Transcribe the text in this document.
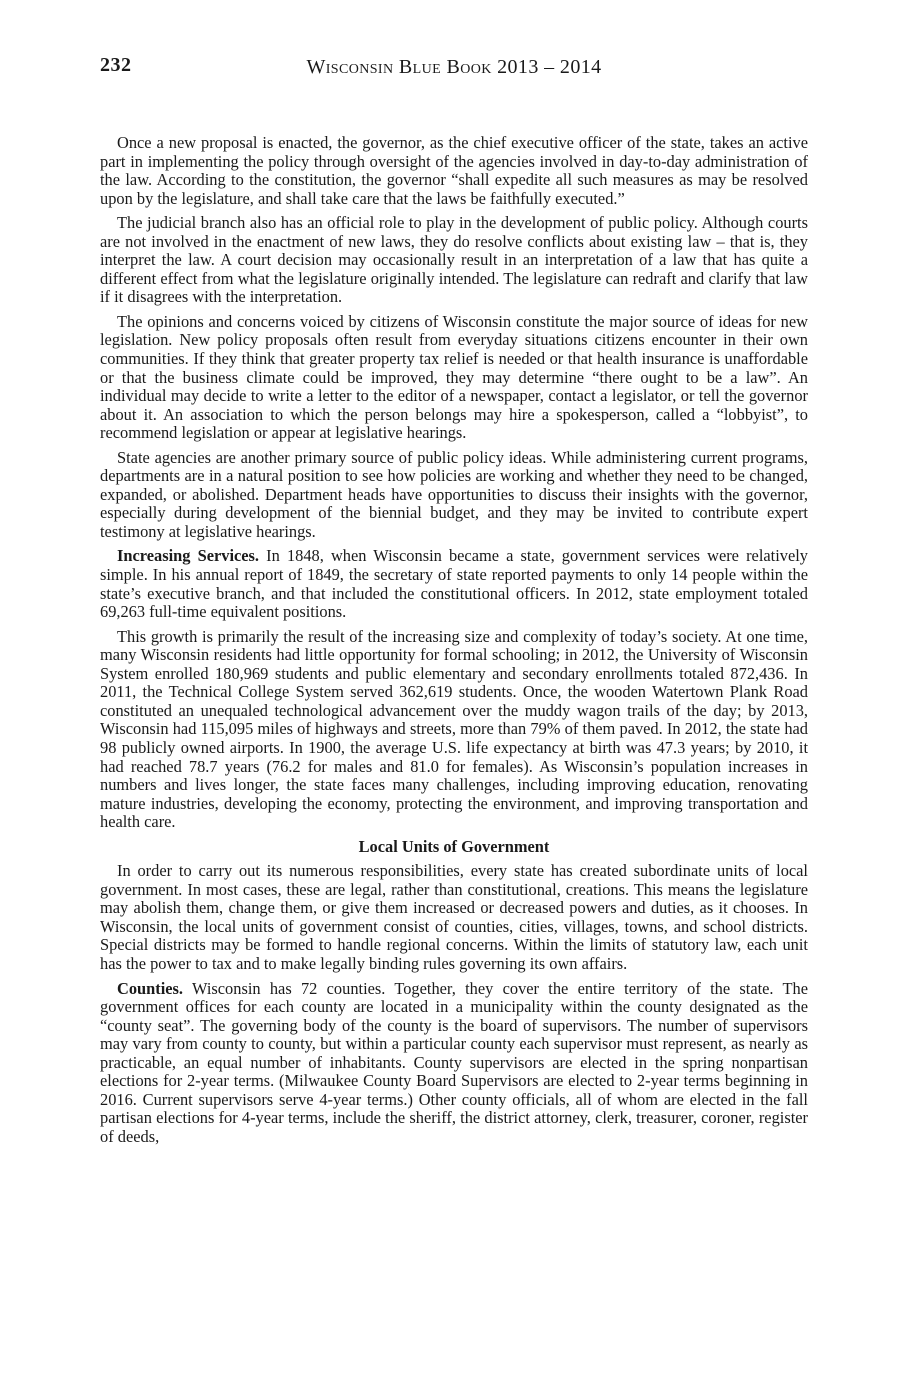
232	Wisconsin Blue Book 2013 – 2014

Once a new proposal is enacted, the governor, as the chief executive officer of the state, takes an active part in implementing the policy through oversight of the agencies involved in day-to-day administration of the law. According to the constitution, the governor “shall expedite all such measures as may be resolved upon by the legislature, and shall take care that the laws be faithfully executed.”

The judicial branch also has an official role to play in the development of public policy. Although courts are not involved in the enactment of new laws, they do resolve conflicts about existing law – that is, they interpret the law. A court decision may occasionally result in an interpretation of a law that has quite a different effect from what the legislature originally intended. The legislature can redraft and clarify that law if it disagrees with the interpretation.

The opinions and concerns voiced by citizens of Wisconsin constitute the major source of ideas for new legislation. New policy proposals often result from everyday situations citizens encounter in their own communities. If they think that greater property tax relief is needed or that health insurance is unaffordable or that the business climate could be improved, they may determine “there ought to be a law”. An individual may decide to write a letter to the editor of a newspaper, contact a legislator, or tell the governor about it. An association to which the person belongs may hire a spokesperson, called a “lobbyist”, to recommend legislation or appear at legislative hearings.

State agencies are another primary source of public policy ideas. While administering current programs, departments are in a natural position to see how policies are working and whether they need to be changed, expanded, or abolished. Department heads have opportunities to discuss their insights with the governor, especially during development of the biennial budget, and they may be invited to contribute expert testimony at legislative hearings.

Increasing Services. In 1848, when Wisconsin became a state, government services were relatively simple. In his annual report of 1849, the secretary of state reported payments to only 14 people within the state’s executive branch, and that included the constitutional officers. In 2012, state employment totaled 69,263 full-time equivalent positions.

This growth is primarily the result of the increasing size and complexity of today’s society. At one time, many Wisconsin residents had little opportunity for formal schooling; in 2012, the University of Wisconsin System enrolled 180,969 students and public elementary and secondary enrollments totaled 872,436. In 2011, the Technical College System served 362,619 students. Once, the wooden Watertown Plank Road constituted an unequaled technological advancement over the muddy wagon trails of the day; by 2013, Wisconsin had 115,095 miles of highways and streets, more than 79% of them paved. In 2012, the state had 98 publicly owned airports. In 1900, the average U.S. life expectancy at birth was 47.3 years; by 2010, it had reached 78.7 years (76.2 for males and 81.0 for females). As Wisconsin’s population increases in numbers and lives longer, the state faces many challenges, including improving education, renovating mature industries, developing the economy, protecting the environment, and improving transportation and health care.

Local Units of Government

In order to carry out its numerous responsibilities, every state has created subordinate units of local government. In most cases, these are legal, rather than constitutional, creations. This means the legislature may abolish them, change them, or give them increased or decreased powers and duties, as it chooses. In Wisconsin, the local units of government consist of counties, cities, villages, towns, and school districts. Special districts may be formed to handle regional concerns. Within the limits of statutory law, each unit has the power to tax and to make legally binding rules governing its own affairs.

Counties. Wisconsin has 72 counties. Together, they cover the entire territory of the state. The government offices for each county are located in a municipality within the county designated as the “county seat”. The governing body of the county is the board of supervisors. The number of supervisors may vary from county to county, but within a particular county each supervisor must represent, as nearly as practicable, an equal number of inhabitants. County supervisors are elected in the spring nonpartisan elections for 2-year terms. (Milwaukee County Board Supervisors are elected to 2-year terms beginning in 2016. Current supervisors serve 4-year terms.) Other county officials, all of whom are elected in the fall partisan elections for 4-year terms, include the sheriff, the district attorney, clerk, treasurer, coroner, register of deeds,
